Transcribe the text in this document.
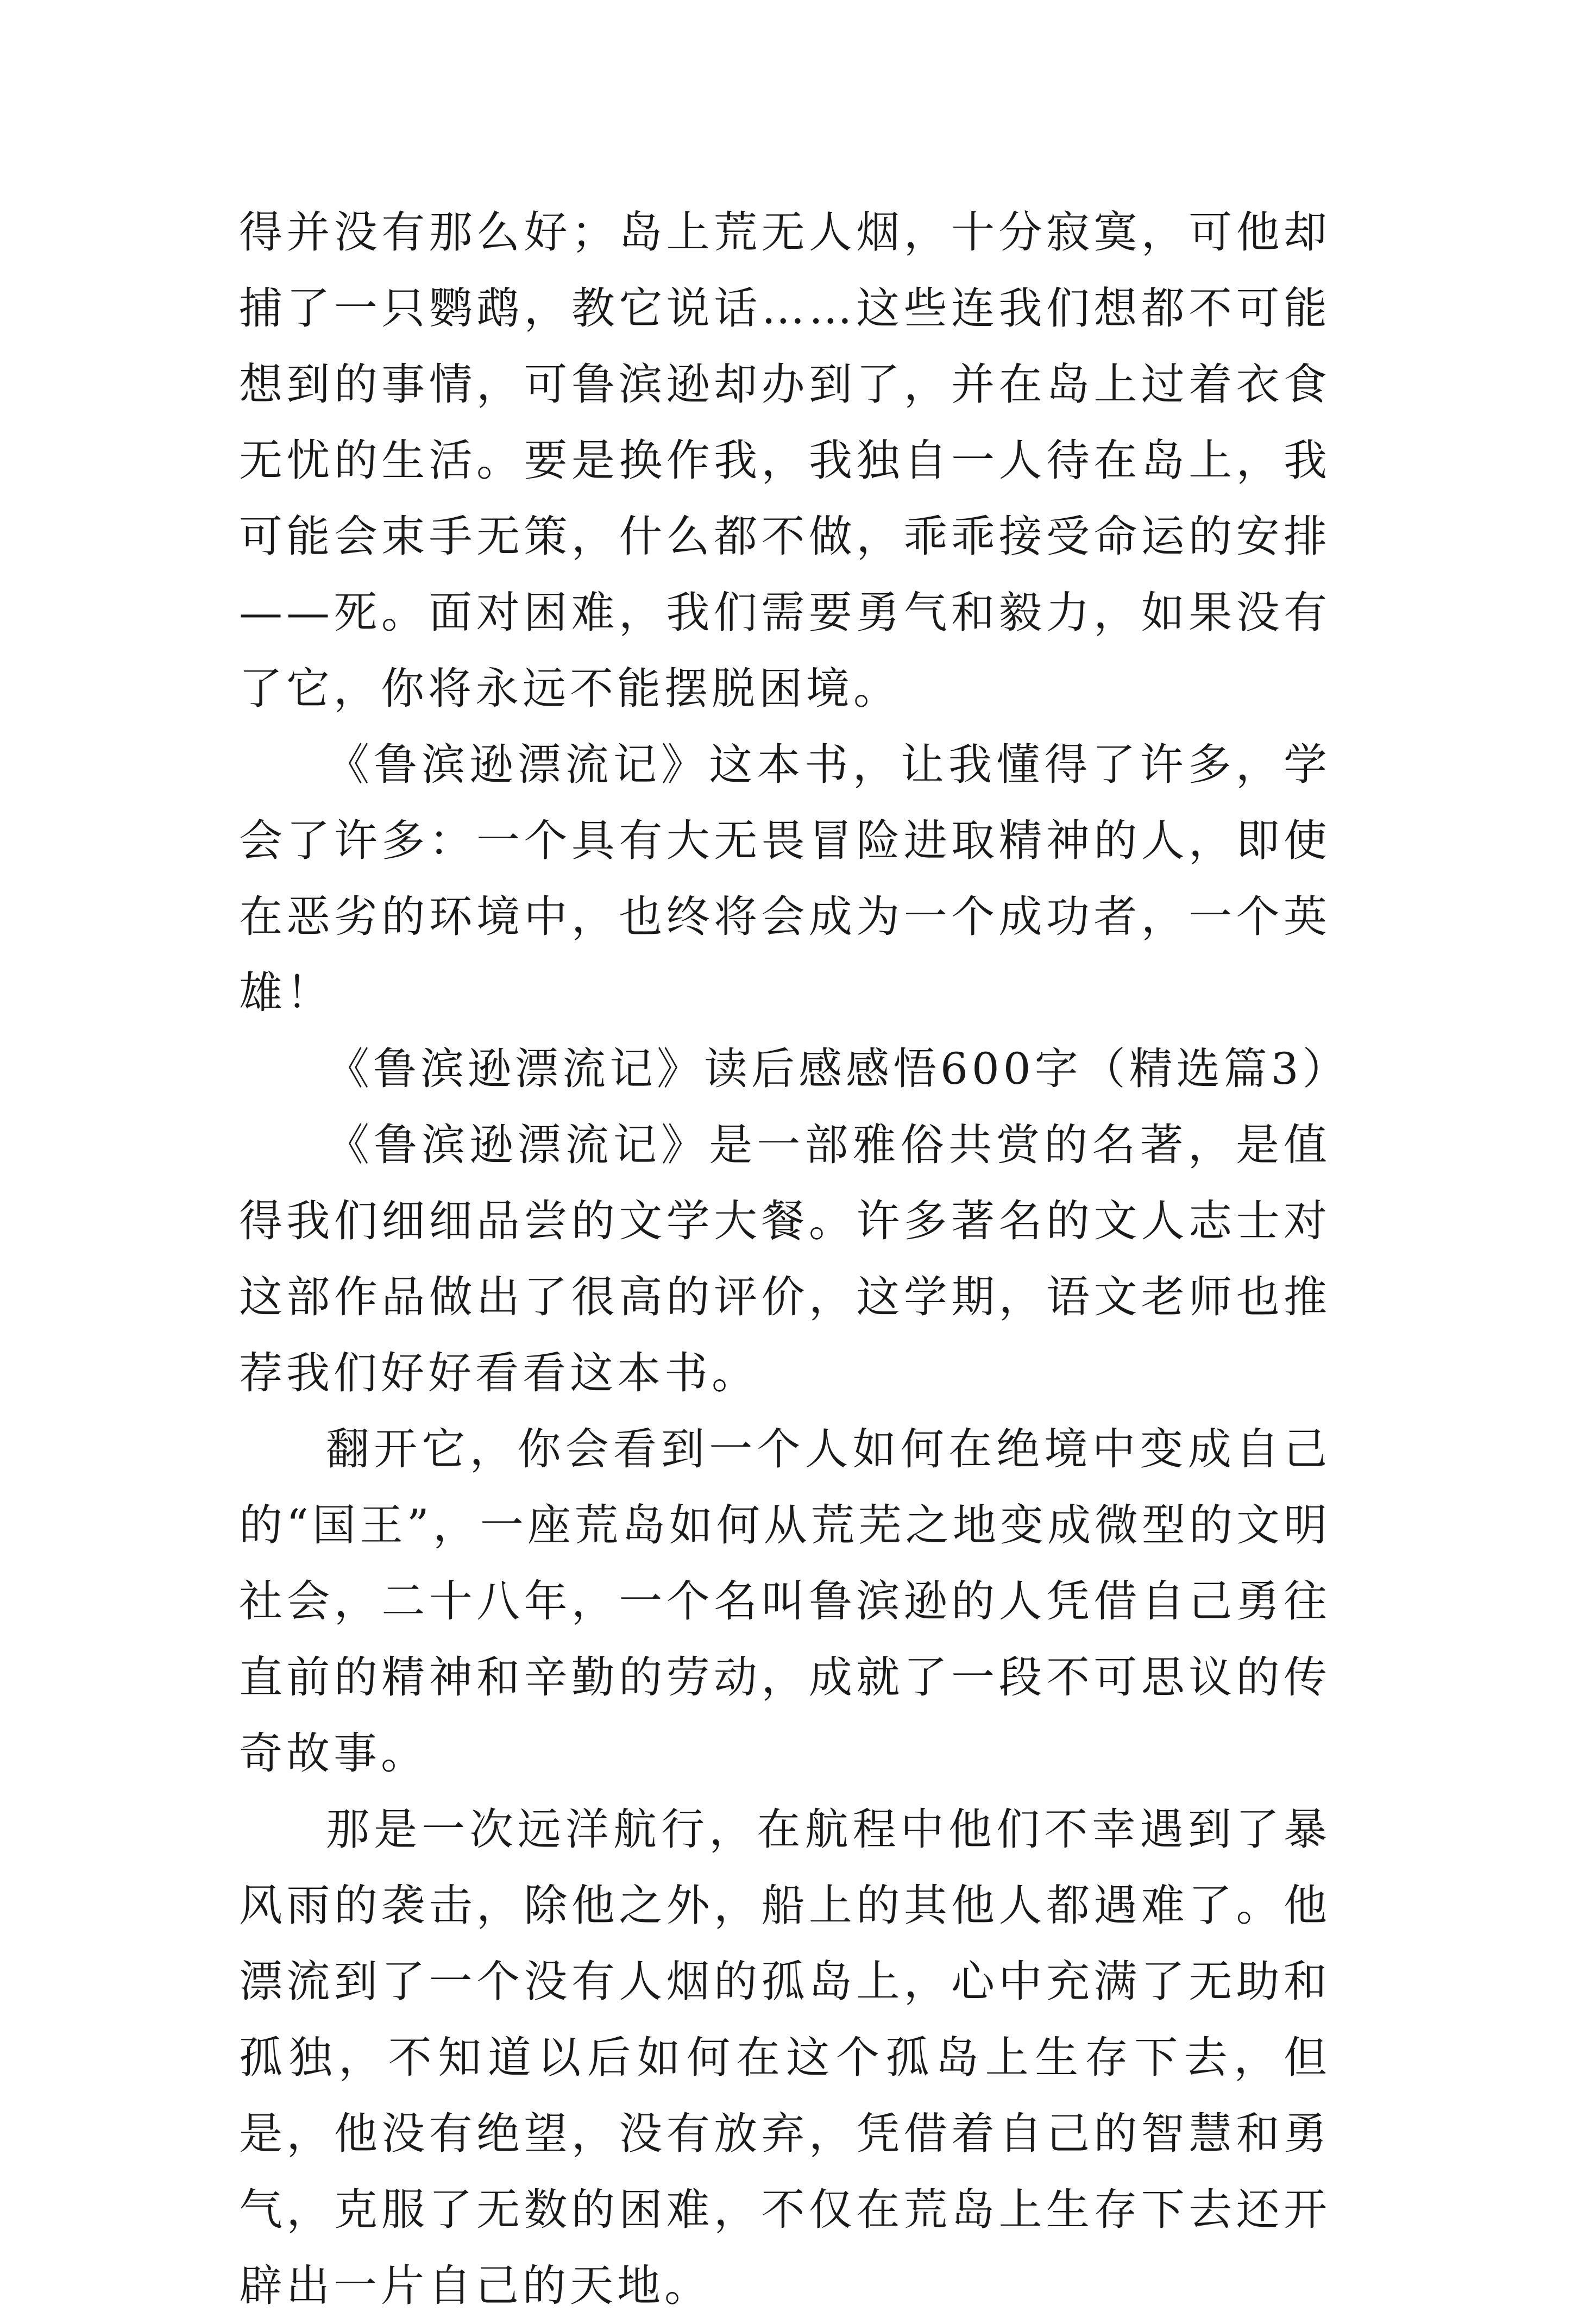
得并没有那么好；岛上荒无人烟，十分寂寞，可他却捕了一只鹦鹉，教它说话……这些连我们想都不可能想到的事情，可鲁滨逊却办到了，并在岛上过着衣食无忧的生活。要是换作我，我独自一人待在岛上，我可能会束手无策，什么都不做，乖乖接受命运的安排——死。面对困难，我们需要勇气和毅力，如果没有了它，你将永远不能摆脱困境。

《鲁滨逊漂流记》这本书，让我懂得了许多，学会了许多：一个具有大无畏冒险进取精神的人，即使在恶劣的环境中，也终将会成为一个成功者，一个英雄！

《鲁滨逊漂流记》读后感感悟600字（精选篇3）

《鲁滨逊漂流记》是一部雅俗共赏的名著，是值得我们细细品尝的文学大餐。许多著名的文人志士对这部作品做出了很高的评价，这学期，语文老师也推荐我们好好看看这本书。

翻开它，你会看到一个人如何在绝境中变成自己的“国王”，一座荒岛如何从荒芜之地变成微型的文明社会，二十八年，一个名叫鲁滨逊的人凭借自己勇往直前的精神和辛勤的劳动，成就了一段不可思议的传奇故事。

那是一次远洋航行，在航程中他们不幸遇到了暴风雨的袭击，除他之外，船上的其他人都遇难了。他漂流到了一个没有人烟的孤岛上，心中充满了无助和孤独，不知道以后如何在这个孤岛上生存下去，但是，他没有绝望，没有放弃，凭借着自己的智慧和勇气，克服了无数的困难，不仅在荒岛上生存下去还开辟出一片自己的天地。
